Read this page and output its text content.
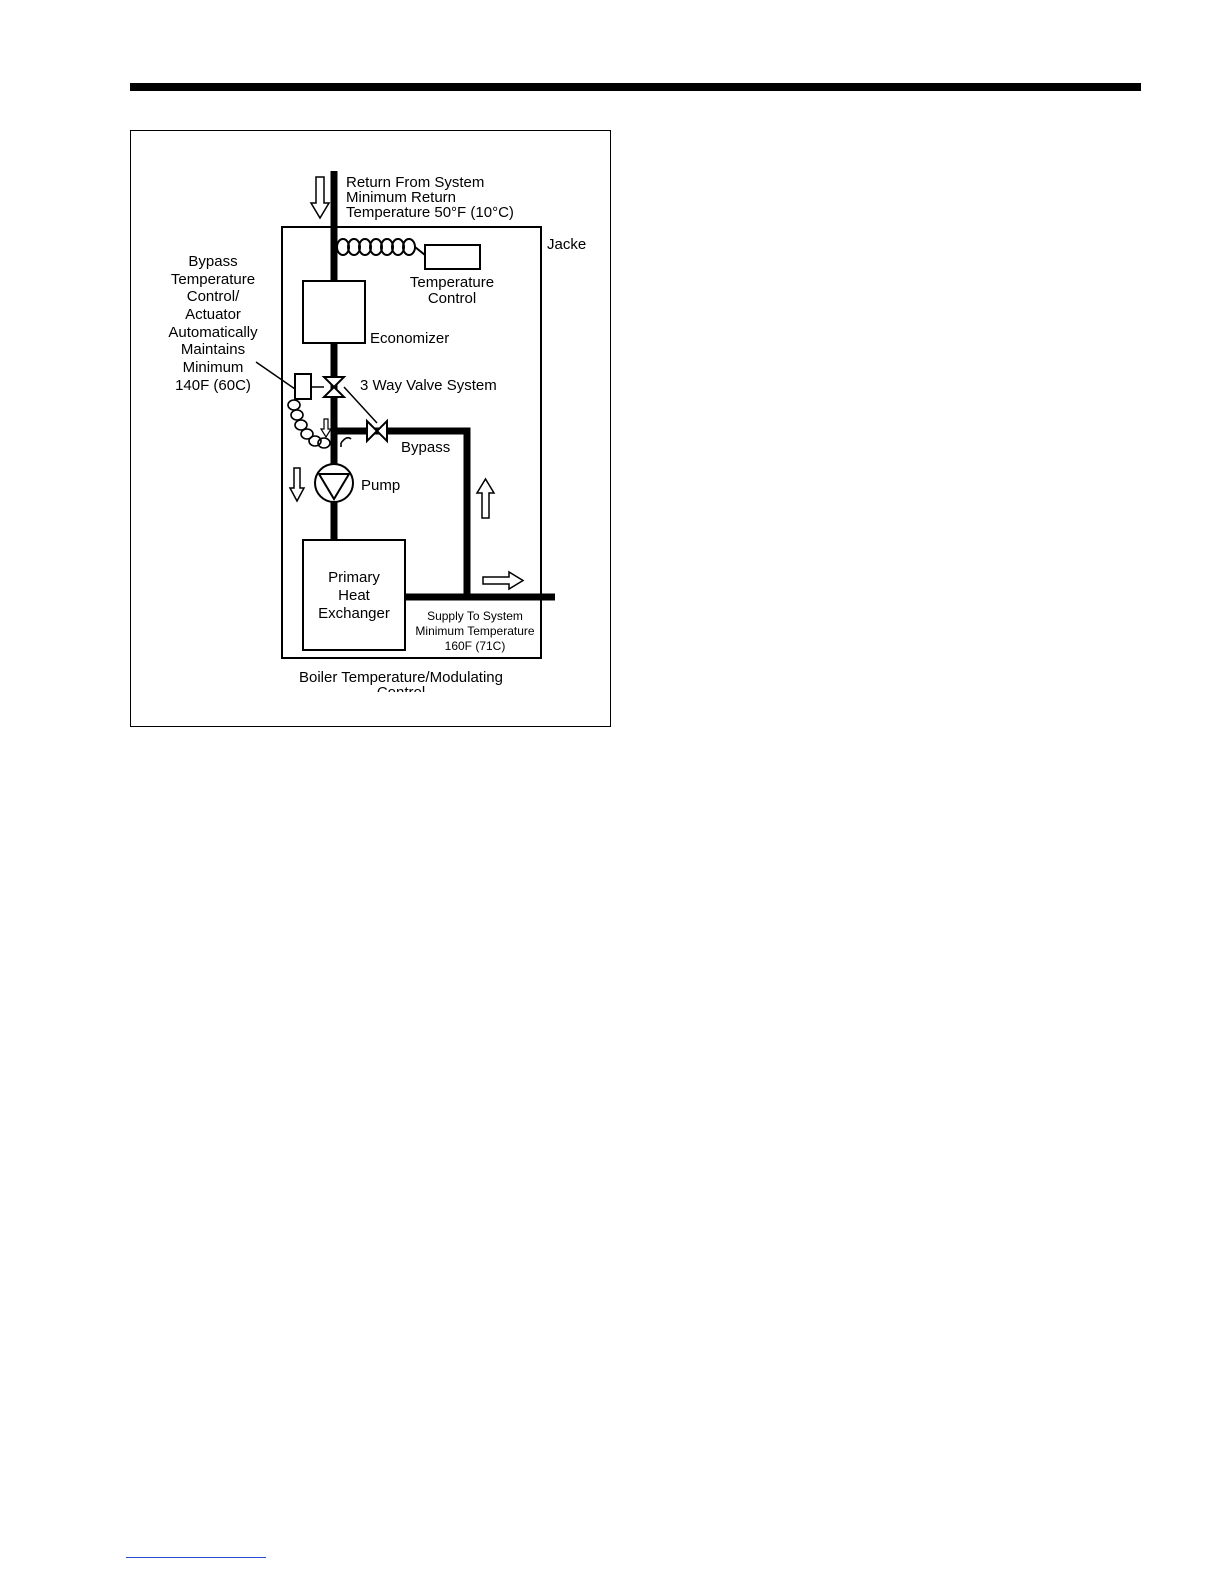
Return From System
Minimum Return
Temperature 50°F (10°C)
Jacke
Bypass
Temperature
Control/
Actuator
Automatically
Maintains
Minimum
140F (60C)
Temperature
Control
Economizer
3 Way Valve System
Bypass
Pump
Primary
Heat
Exchanger	Supply To System
Minimum Temperature
160F (71C)
Boiler Temperature/Modulating
